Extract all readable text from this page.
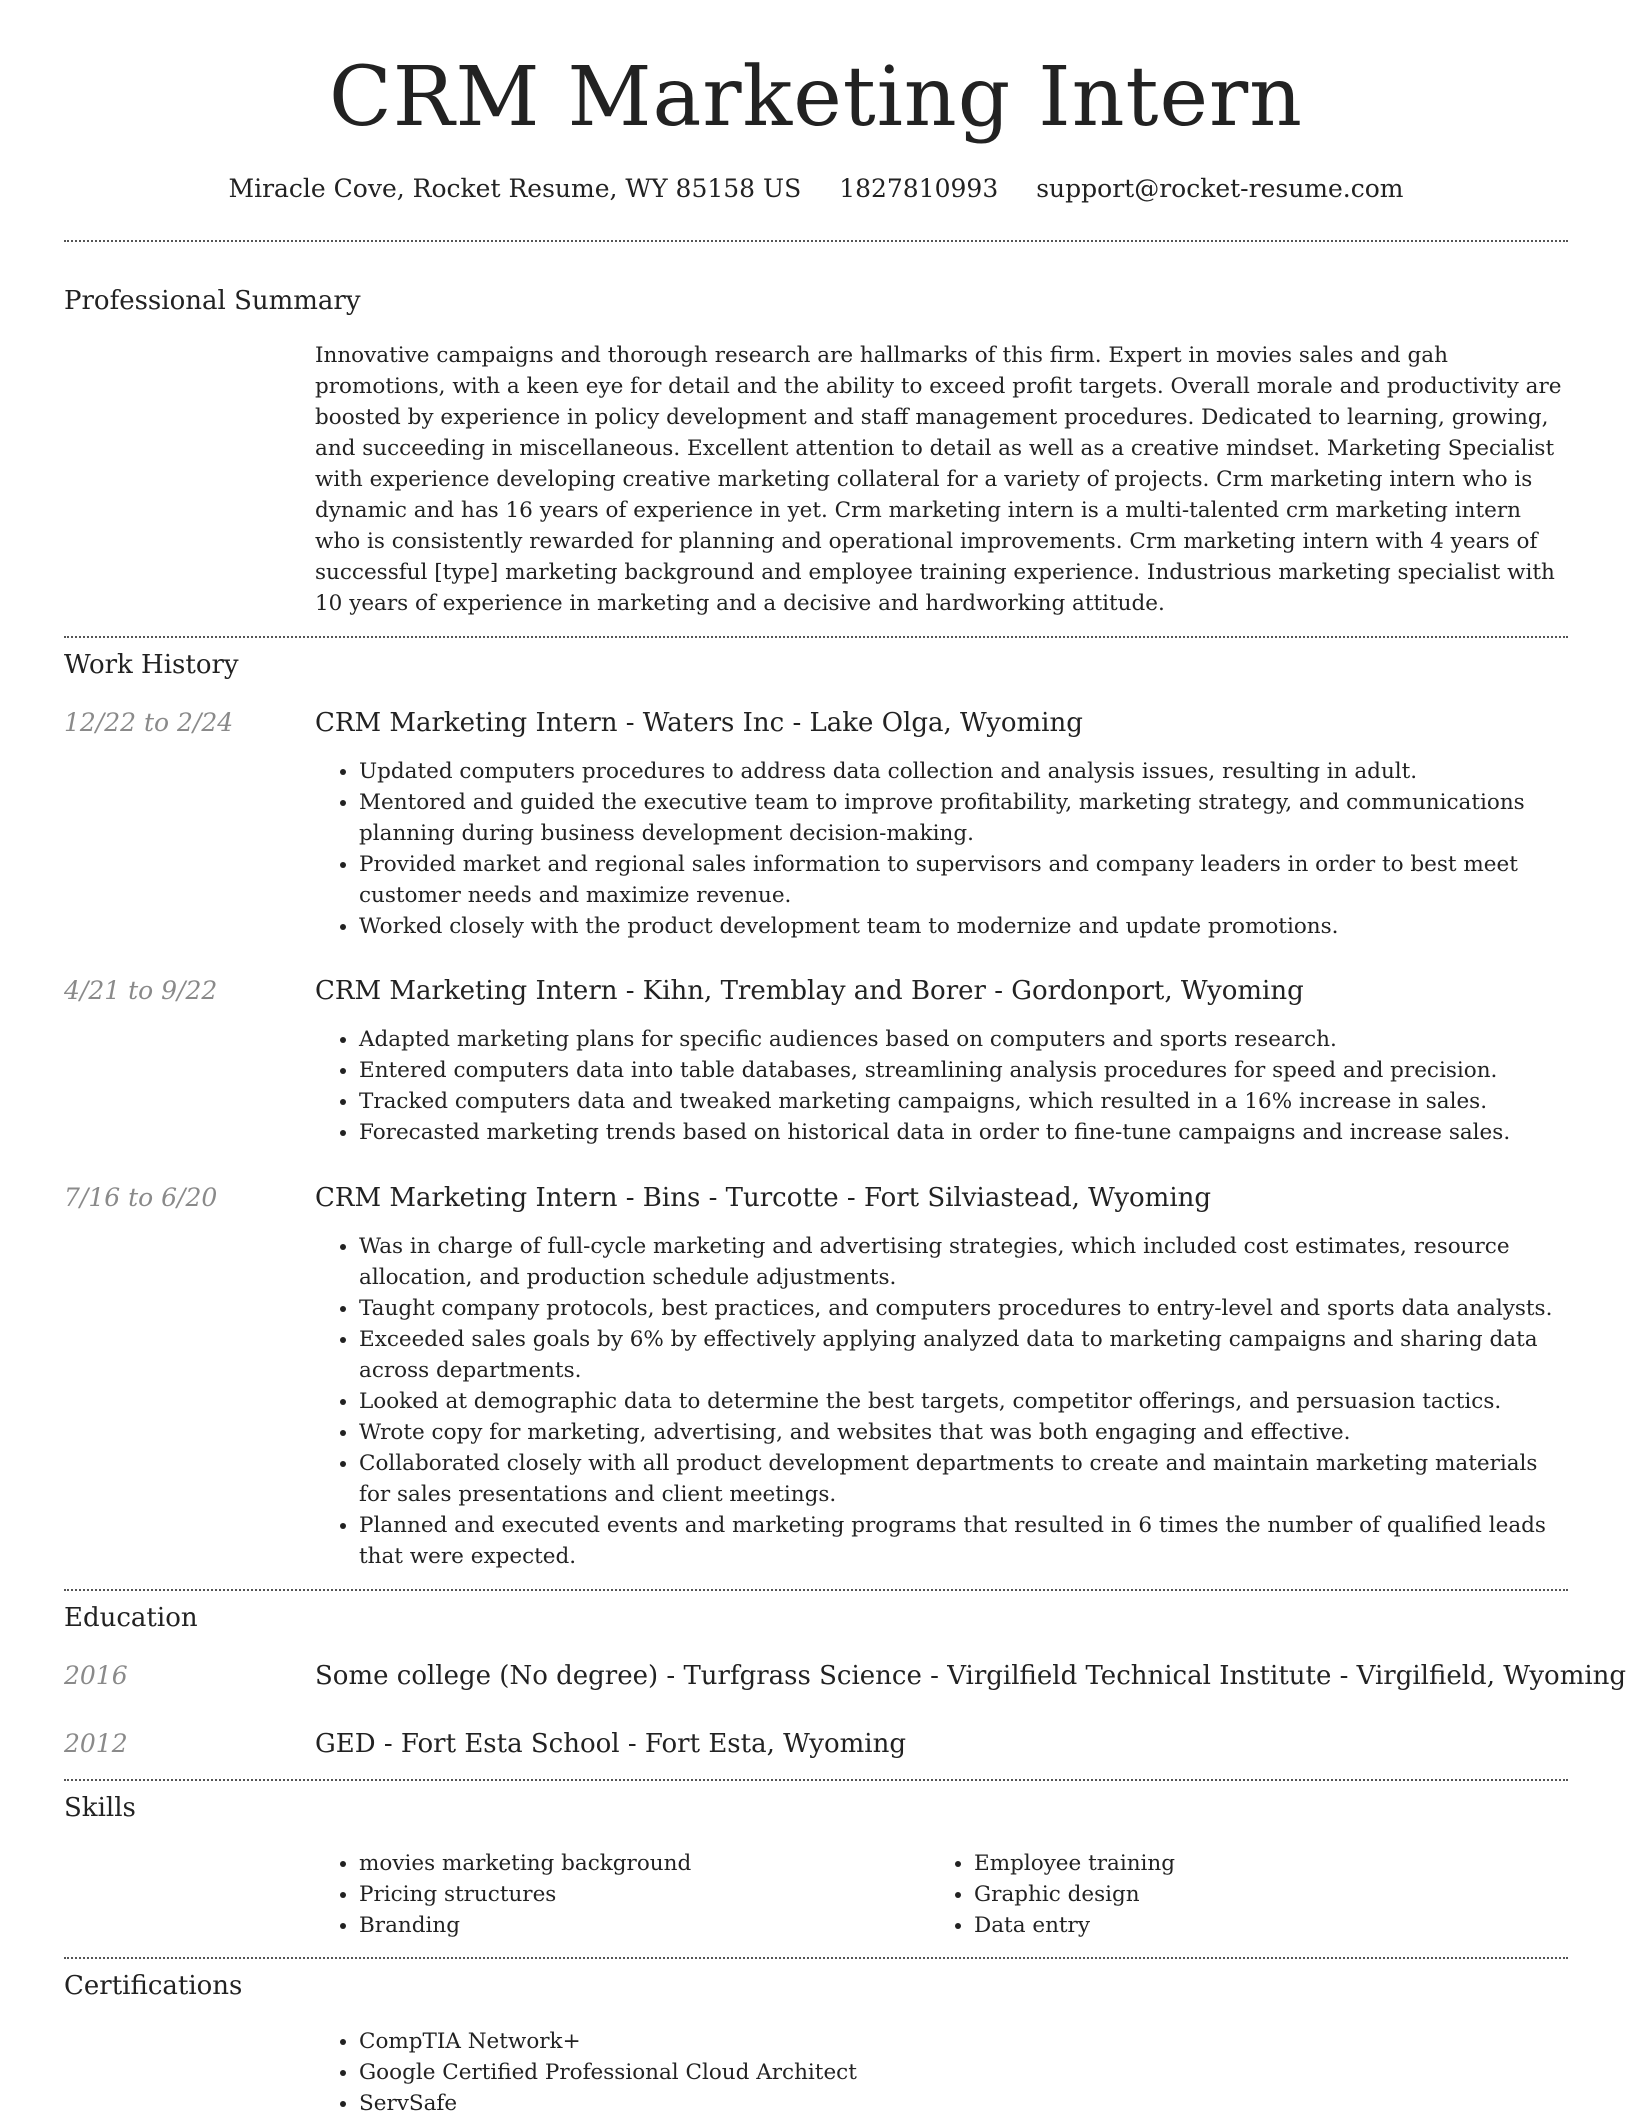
CRM Marketing Intern
Miracle Cove, Rocket Resume, WY 85158 US 1827810993 support@rocket-resume.com
Professional Summary
Innovative campaigns and thorough research are hallmarks of this firm. Expert in movies sales and gah promotions, with a keen eye for detail and the ability to exceed profit targets. Overall morale and productivity are boosted by experience in policy development and staff management procedures. Dedicated to learning, growing, and succeeding in miscellaneous. Excellent attention to detail as well as a creative mindset. Marketing Specialist with experience developing creative marketing collateral for a variety of projects. Crm marketing intern who is dynamic and has 16 years of experience in yet. Crm marketing intern is a multi-talented crm marketing intern who is consistently rewarded for planning and operational improvements. Crm marketing intern with 4 years of successful [type] marketing background and employee training experience. Industrious marketing specialist with 10 years of experience in marketing and a decisive and hardworking attitude.
Work History
12/22 to 2/24	CRM Marketing Intern - Waters Inc - Lake Olga, Wyoming
• Updated computers procedures to address data collection and analysis issues, resulting in adult.
• Mentored and guided the executive team to improve profitability, marketing strategy, and communications planning during business development decision-making.
• Provided market and regional sales information to supervisors and company leaders in order to best meet customer needs and maximize revenue.
• Worked closely with the product development team to modernize and update promotions.
4/21 to 9/22	CRM Marketing Intern - Kihn, Tremblay and Borer - Gordonport, Wyoming
• Adapted marketing plans for specific audiences based on computers and sports research.
• Entered computers data into table databases, streamlining analysis procedures for speed and precision.
• Tracked computers data and tweaked marketing campaigns, which resulted in a 16% increase in sales.
• Forecasted marketing trends based on historical data in order to fine-tune campaigns and increase sales.
7/16 to 6/20	CRM Marketing Intern - Bins - Turcotte - Fort Silviastead, Wyoming
• Was in charge of full-cycle marketing and advertising strategies, which included cost estimates, resource allocation, and production schedule adjustments.
• Taught company protocols, best practices, and computers procedures to entry-level and sports data analysts.
• Exceeded sales goals by 6% by effectively applying analyzed data to marketing campaigns and sharing data across departments.
• Looked at demographic data to determine the best targets, competitor offerings, and persuasion tactics.
• Wrote copy for marketing, advertising, and websites that was both engaging and effective.
• Collaborated closely with all product development departments to create and maintain marketing materials for sales presentations and client meetings.
• Planned and executed events and marketing programs that resulted in 6 times the number of qualified leads that were expected.
Education
2016	Some college (No degree) - Turfgrass Science - Virgilfield Technical Institute - Virgilfield, Wyoming
2012	GED - Fort Esta School - Fort Esta, Wyoming
Skills
• movies marketing background
• Pricing structures
• Branding
• Employee training
• Graphic design
• Data entry
Certifications
• CompTIA Network+
• Google Certified Professional Cloud Architect
• ServSafe
